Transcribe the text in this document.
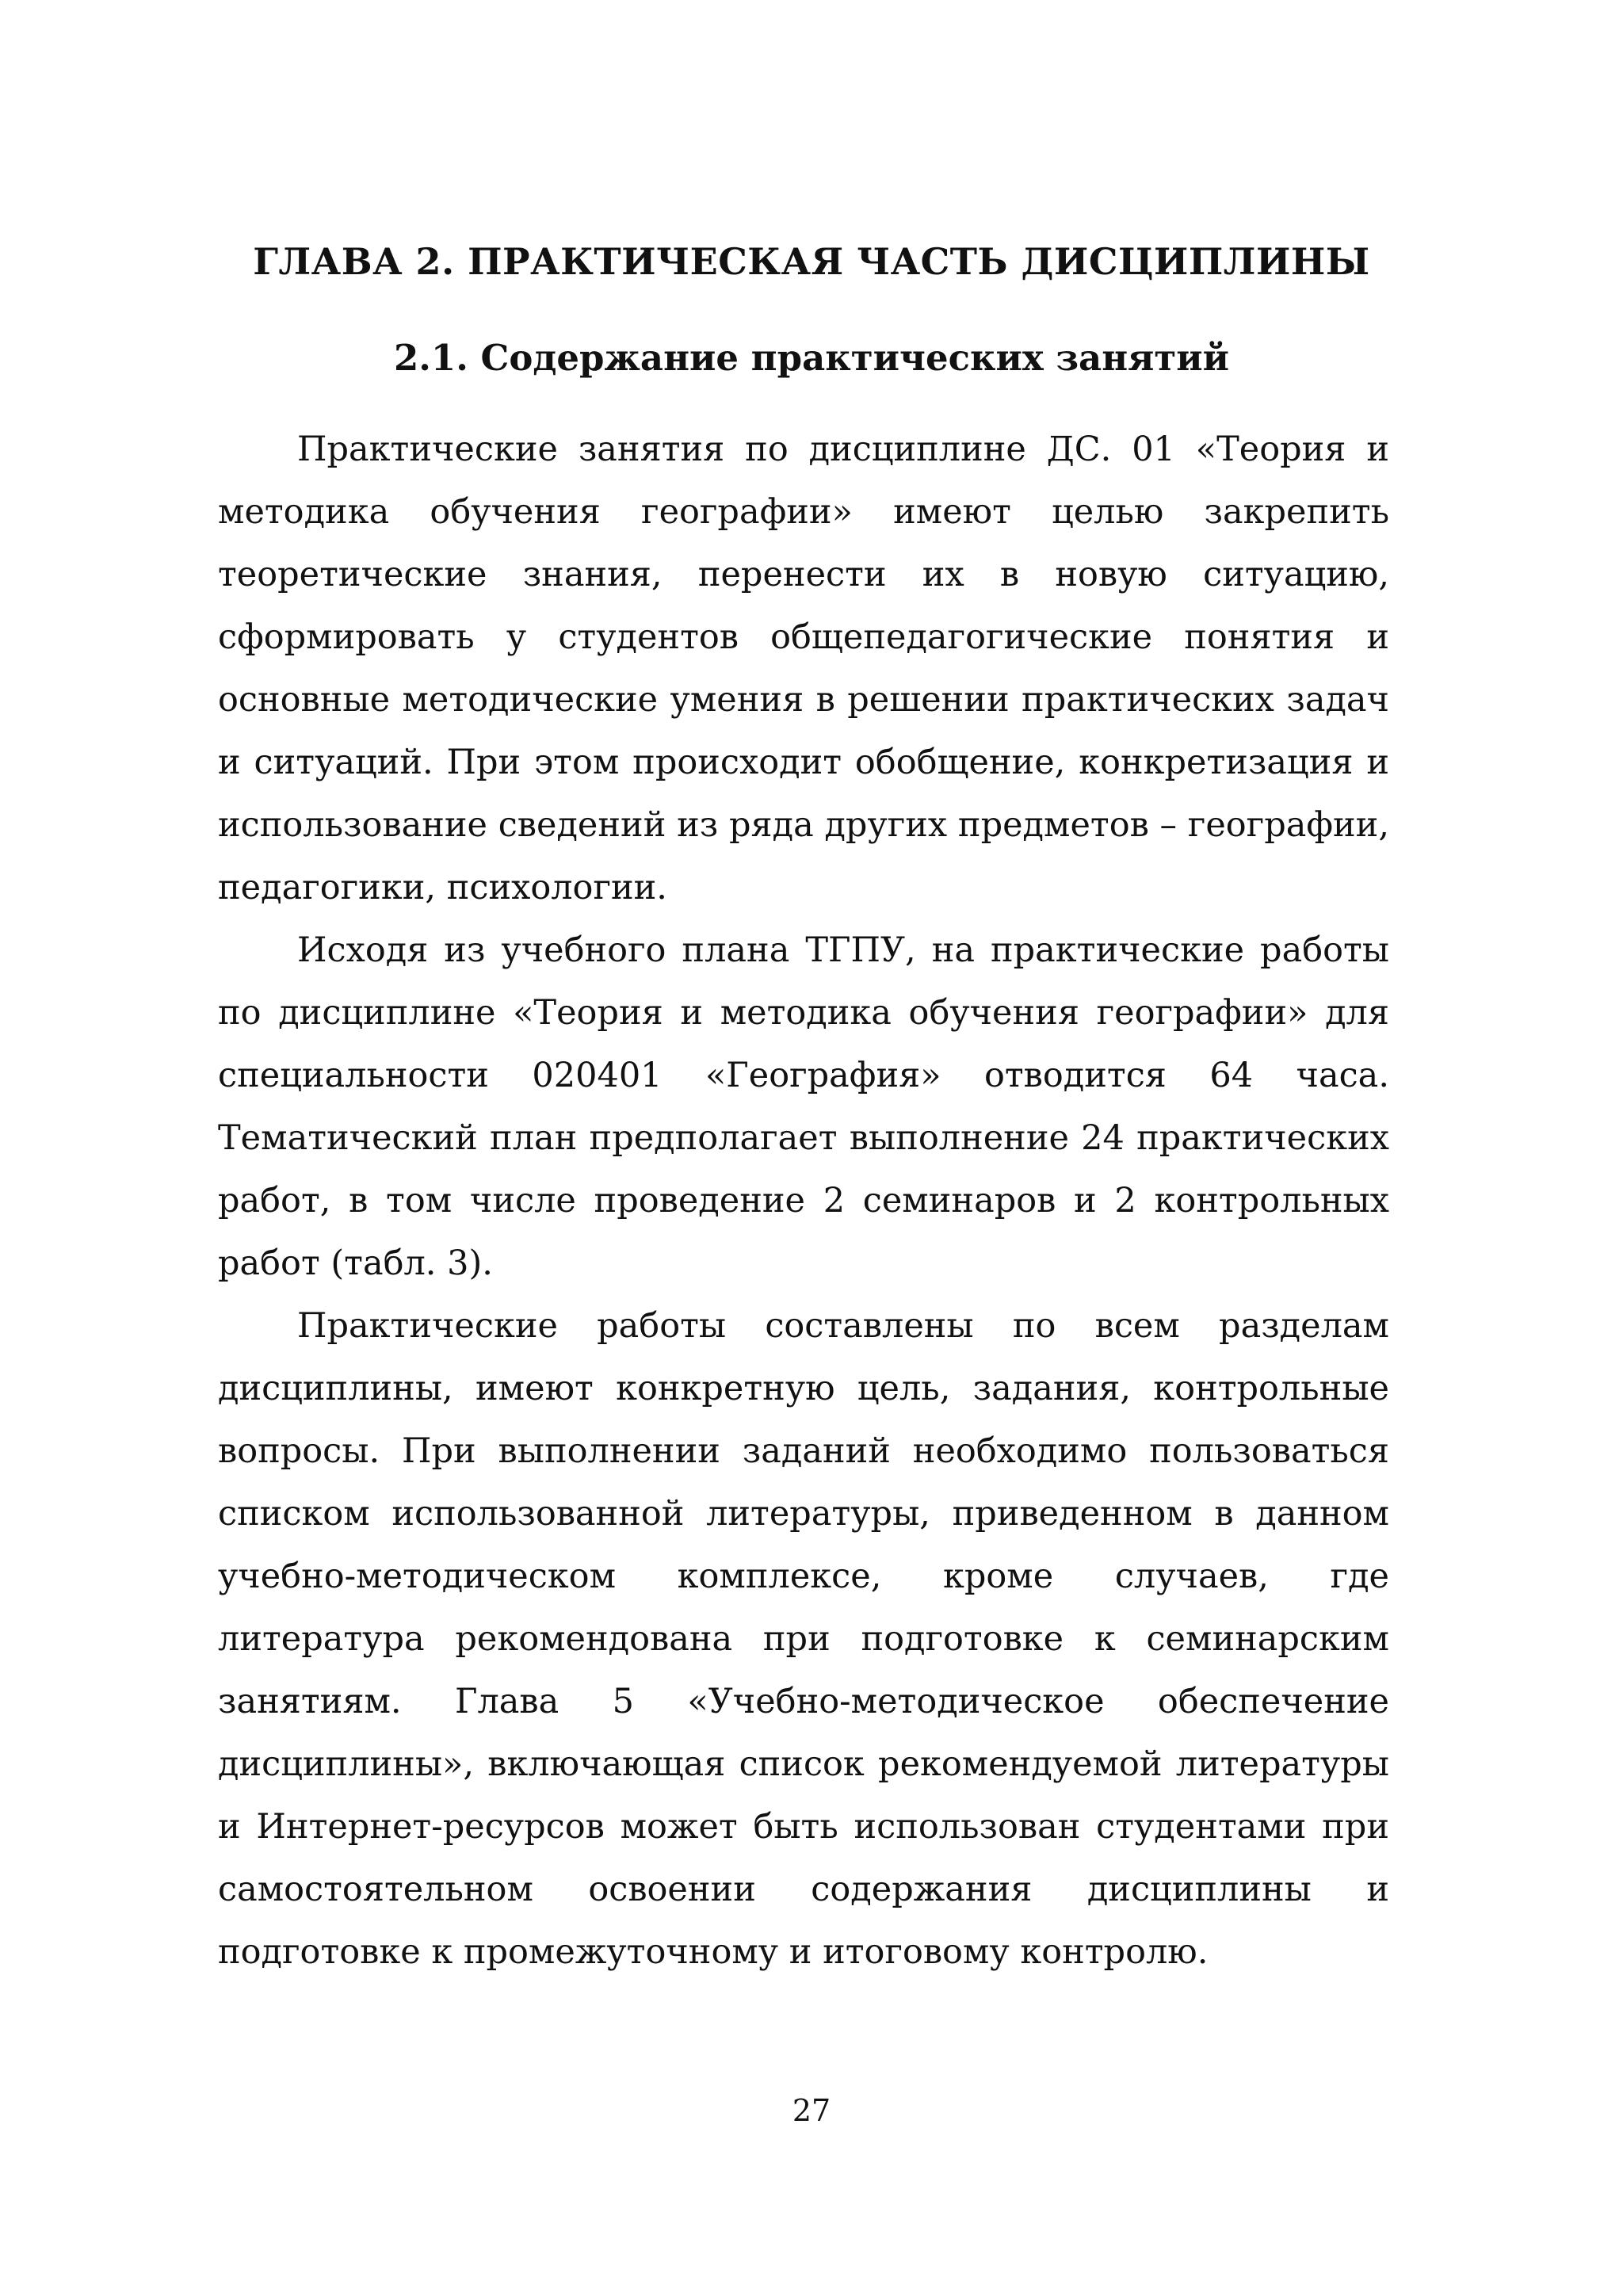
ГЛАВА 2. ПРАКТИЧЕСКАЯ ЧАСТЬ ДИСЦИПЛИНЫ
2.1. Содержание практических занятий

Практические занятия по дисциплине ДС. 01 «Теория и методика обучения географии» имеют целью закрепить теоретические знания, перенести их в новую ситуацию, сформировать у студентов общепедагогические понятия и основные методические умения в решении практических задач и ситуаций. При этом происходит обобщение, конкретизация и использование сведений из ряда других предметов – географии, педагогики, психологии.

Исходя из учебного плана ТГПУ, на практические работы по дисциплине «Теория и методика обучения географии» для специальности 020401 «География» отводится 64 часа. Тематический план предполагает выполнение 24 практических работ, в том числе проведение 2 семинаров и 2 контрольных работ (табл. 3).

Практические работы составлены по всем разделам дисциплины, имеют конкретную цель, задания, контрольные вопросы. При выполнении заданий необходимо пользоваться списком использованной литературы, приведенном в данном учебно-методическом комплексе, кроме случаев, где литература рекомендована при подготовке к семинарским занятиям. Глава 5 «Учебно-методическое обеспечение дисциплины», включающая список рекомендуемой литературы и Интернет-ресурсов может быть использован студентами при самостоятельном освоении содержания дисциплины и подготовке к промежуточному и итоговому контролю.

27
